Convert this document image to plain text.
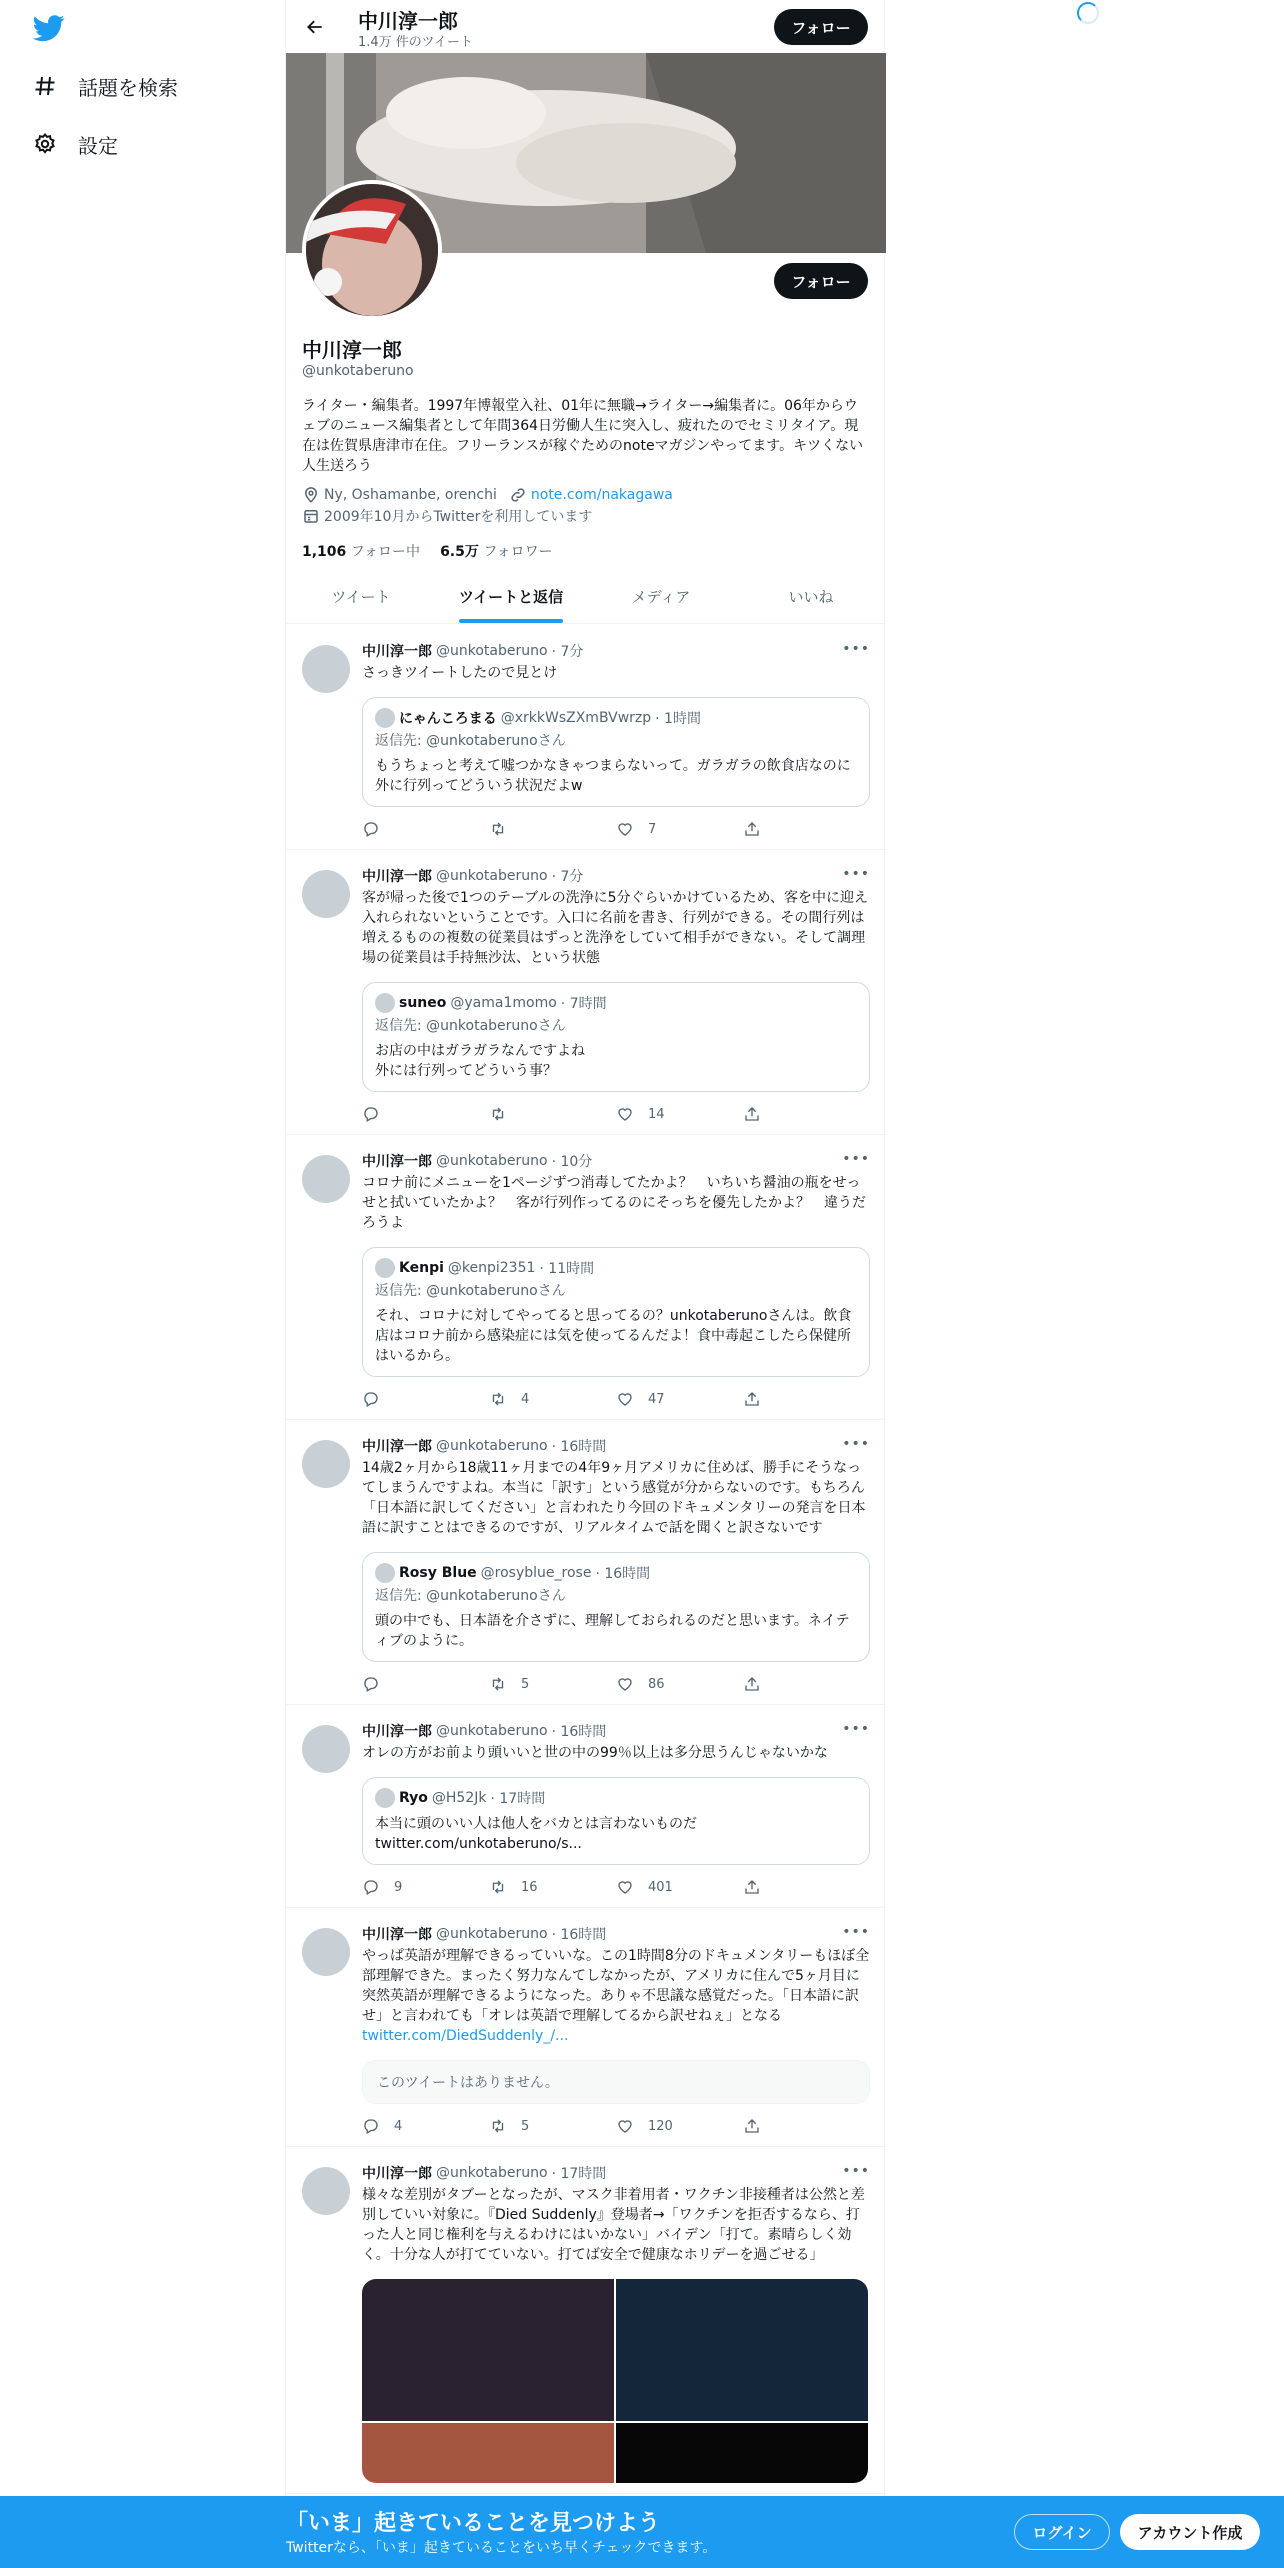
話題を検索
設定
中川淳一郎
1.4万 件のツイート
フォロー
フォロー
中川淳一郎
@unkotaberuno
ライター・編集者。1997年博報堂入社、01年に無職→ライター→編集者に。06年からウェブのニュース編集者として年間364日労働人生に突入し、疲れたのでセミリタイア。現在は佐賀県唐津市在住。フリーランスが稼ぐためのnoteマガジンやってます。キツくない人生送ろう
Ny, Oshamanbe, orenchi note.com/nakagawa
2009年10月からTwitterを利用しています
1,106 フォロー中 6.5万 フォロワー
ツイート	ツイートと返信	メディア	いいね
中川淳一郎 @unkotaberuno · 7分	•••
さっきツイートしたので見とけ
にゃんころまる @xrkkWsZXmBVwrzp · 1時間
返信先: @unkotaberunoさん
もうちょっと考えて嘘つかなきゃつまらないって。ガラガラの飲食店なのに外に行列ってどういう状況だよw
7
中川淳一郎 @unkotaberuno · 7分	•••
客が帰った後で1つのテーブルの洗浄に5分ぐらいかけているため、客を中に迎え入れられないということです。入口に名前を書き、行列ができる。その間行列は増えるものの複数の従業員はずっと洗浄をしていて相手ができない。そして調理場の従業員は手持無沙汰、という状態
suneo @yama1momo · 7時間
返信先: @unkotaberunoさん
お店の中はガラガラなんですよね
外には行列ってどういう事？
14
中川淳一郎 @unkotaberuno · 10分	•••
コロナ前にメニューを1ページずつ消毒してたかよ？　いちいち醤油の瓶をせっせと拭いていたかよ？　客が行列作ってるのにそっちを優先したかよ？　違うだろうよ
Kenpi @kenpi2351 · 11時間
返信先: @unkotaberunoさん
それ、コロナに対してやってると思ってるの？unkotaberunoさんは。飲食店はコロナ前から感染症には気を使ってるんだよ！食中毒起こしたら保健所はいるから。
4	47
中川淳一郎 @unkotaberuno · 16時間	•••
14歳2ヶ月から18歳11ヶ月までの4年9ヶ月アメリカに住めば、勝手にそうなってしまうんですよね。本当に「訳す」という感覚が分からないのです。もちろん「日本語に訳してください」と言われたり今回のドキュメンタリーの発言を日本語に訳すことはできるのですが、リアルタイムで話を聞くと訳さないです
Rosy Blue @rosyblue_rose · 16時間
返信先: @unkotaberunoさん
頭の中でも、日本語を介さずに、理解しておられるのだと思います。ネイティブのように。
5	86
中川淳一郎 @unkotaberuno · 16時間	•••
オレの方がお前より頭いいと世の中の99％以上は多分思うんじゃないかな
Ryo @H52Jk · 17時間
本当に頭のいい人は他人をバカとは言わないものだ
twitter.com/unkotaberuno/s...
9	16	401
中川淳一郎 @unkotaberuno · 16時間	•••
やっぱ英語が理解できるっていいな。この1時間8分のドキュメンタリーもほぼ全部理解できた。まったく努力なんてしなかったが、アメリカに住んで5ヶ月目に突然英語が理解できるようになった。ありゃ不思議な感覚だった。「日本語に訳せ」と言われても「オレは英語で理解してるから訳せねぇ」となる twitter.com/DiedSuddenly_/...
このツイートはありません。
4	5	120
中川淳一郎 @unkotaberuno · 17時間	•••
様々な差別がタブーとなったが、マスク非着用者・ワクチン非接種者は公然と差別していい対象に。『Died Suddenly』登場者→「ワクチンを拒否するなら、打った人と同じ権利を与えるわけにはいかない」バイデン「打て。素晴らしく効く。十分な人が打てていない。打てば安全で健康なホリデーを過ごせる」
「いま」起きていることを見つけよう
Twitterなら、「いま」起きていることをいち早くチェックできます。
ログイン	アカウント作成
